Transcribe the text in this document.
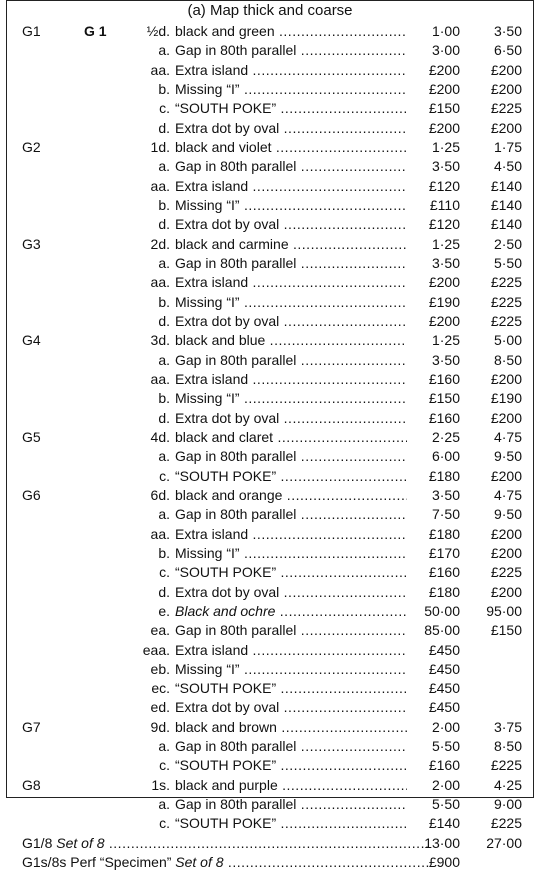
(a) Map thick and coarse
G1	G 1	½d. black and green .....	1·00	3·50
a. Gap in 80th parallel .....	3·00	6·50
aa. Extra island .....	£200	£200
b. Missing “I” .....	£200	£200
c. “SOUTH POKE” .....	£150	£225
d. Extra dot by oval .....	£200	£200
G2	1d. black and violet .....	1·25	1·75
a. Gap in 80th parallel .....	3·50	4·50
aa. Extra island .....	£120	£140
b. Missing “I” .....	£110	£140
d. Extra dot by oval .....	£120	£140
G3	2d. black and carmine .....	1·25	2·50
a. Gap in 80th parallel .....	3·50	5·50
aa. Extra island .....	£200	£225
b. Missing “I” .....	£190	£225
d. Extra dot by oval .....	£200	£225
G4	3d. black and blue .....	1·25	5·00
a. Gap in 80th parallel .....	3·50	8·50
aa. Extra island .....	£160	£200
b. Missing “I” .....	£150	£190
d. Extra dot by oval .....	£160	£200
G5	4d. black and claret .....	2·25	4·75
a. Gap in 80th parallel .....	6·00	9·50
c. “SOUTH POKE” .....	£180	£200
G6	6d. black and orange .....	3·50	4·75
a. Gap in 80th parallel .....	7·50	9·50
aa. Extra island .....	£180	£200
b. Missing “I” .....	£170	£200
c. “SOUTH POKE” .....	£160	£225
d. Extra dot by oval .....	£180	£200
e. Black and ochre .....	50·00	95·00
ea. Gap in 80th parallel .....	85·00	£150
eaa. Extra island .....	£450
eb. Missing “I” .....	£450
ec. “SOUTH POKE” .....	£450
ed. Extra dot by oval .....	£450
G7	9d. black and brown .....	2·00	3·75
a. Gap in 80th parallel .....	5·50	8·50
c. “SOUTH POKE” .....	£160	£225
G8	1s. black and purple .....	2·00	4·25
a. Gap in 80th parallel .....	5·50	9·00
c. “SOUTH POKE” .....	£140	£225
G1/8 Set of 8 .....	13·00	27·00
G1s/8s Perf “Specimen” Set of 8 .....	£900
